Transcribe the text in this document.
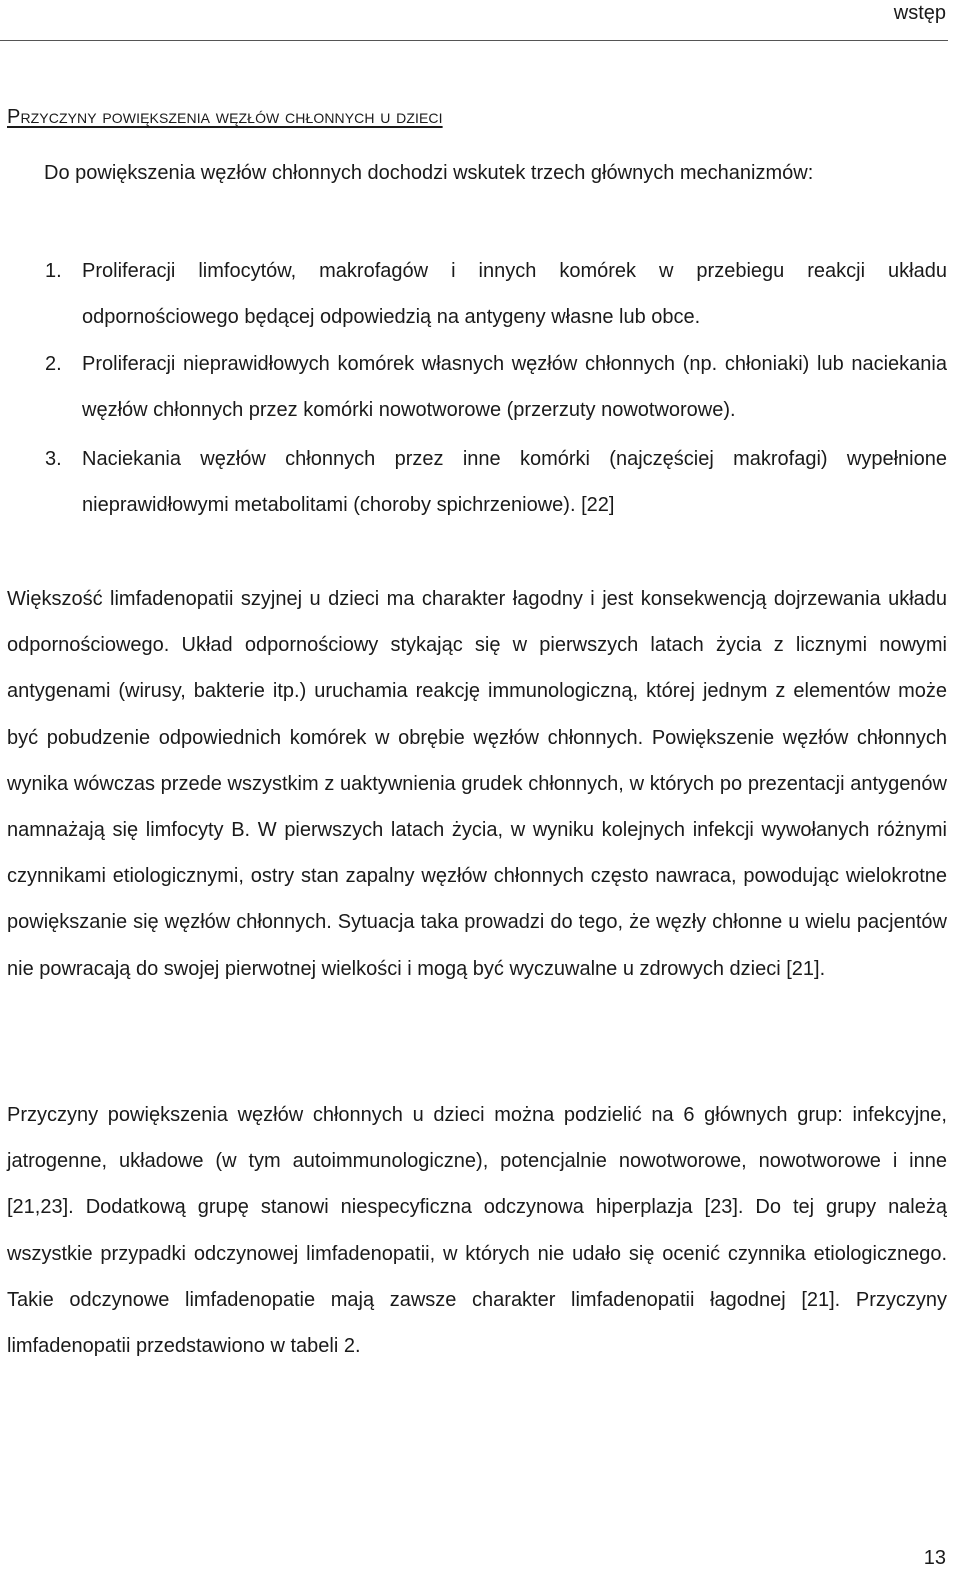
wstęp
Przyczyny powiększenia węzłów chłonnych u dzieci
Do powiększenia węzłów chłonnych dochodzi wskutek trzech głównych mechanizmów:
1. Proliferacji limfocytów, makrofagów i innych komórek w przebiegu reakcji układu odpornościowego będącej odpowiedzią na antygeny własne lub obce.
2. Proliferacji nieprawidłowych komórek własnych węzłów chłonnych (np. chłoniaki) lub naciekania węzłów chłonnych przez komórki nowotworowe (przerzuty nowotworowe).
3. Naciekania węzłów chłonnych przez inne komórki (najczęściej makrofagi) wypełnione nieprawidłowymi metabolitami (choroby spichrzeniowe). [22]
Większość limfadenopatii szyjnej u dzieci ma charakter łagodny i jest konsekwencją dojrzewania układu odpornościowego. Układ odpornościowy stykając się w pierwszych latach życia z licznymi nowymi antygenami (wirusy, bakterie itp.) uruchamia reakcję immunologiczną, której jednym z elementów może być pobudzenie odpowiednich komórek w obrębie węzłów chłonnych. Powiększenie węzłów chłonnych wynika wówczas przede wszystkim z uaktywnienia grudek chłonnych, w których po prezentacji antygenów namnażają się limfocyty B. W pierwszych latach życia, w wyniku kolejnych infekcji wywołanych różnymi czynnikami etiologicznymi, ostry stan zapalny węzłów chłonnych często nawraca, powodując wielokrotne powiększanie się węzłów chłonnych. Sytuacja taka prowadzi do tego, że węzły chłonne u wielu pacjentów nie powracają do swojej pierwotnej wielkości i mogą być wyczuwalne u zdrowych dzieci [21].
Przyczyny powiększenia węzłów chłonnych u dzieci można podzielić na 6 głównych grup: infekcyjne, jatrogenne, układowe (w tym autoimmunologiczne), potencjalnie nowotworowe, nowotworowe i inne [21,23]. Dodatkową grupę stanowi niespecyficzna odczynowa hiperplazja [23]. Do tej grupy należą wszystkie przypadki odczynowej limfadenopatii, w których nie udało się ocenić czynnika etiologicznego. Takie odczynowe limfadenopatie mają zawsze charakter limfadenopatii łagodnej [21]. Przyczyny limfadenopatii przedstawiono w tabeli 2.
13
